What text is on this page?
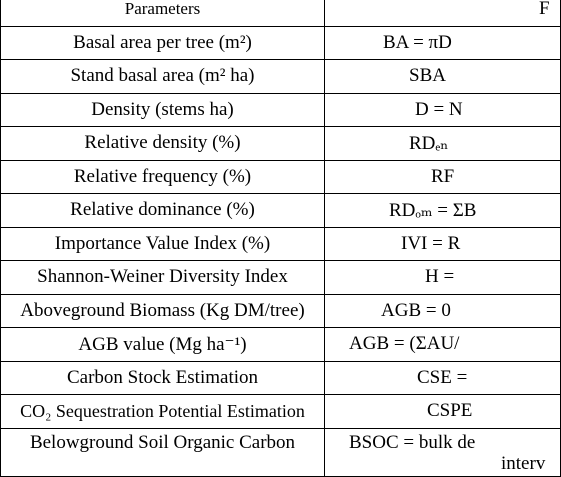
Parameters	F
Basal area per tree (m²)	BA = πD
Stand basal area (m² ha)	SBA
Density (stems ha)	D = N
Relative density (%)	RDₑₙ
Relative frequency (%)	RF
Relative dominance (%)	RDₒₘ = ΣB
Importance Value Index (%)	IVI = R
Shannon-Weiner Diversity Index	H =
Aboveground Biomass (Kg DM/tree)	AGB = 0
AGB value (Mg ha⁻¹)	AGB = (ΣAU/
Carbon Stock Estimation	CSE =
CO₂ Sequestration Potential Estimation	CSPE
Belowground Soil Organic Carbon	BSOC = bulk de
interv
